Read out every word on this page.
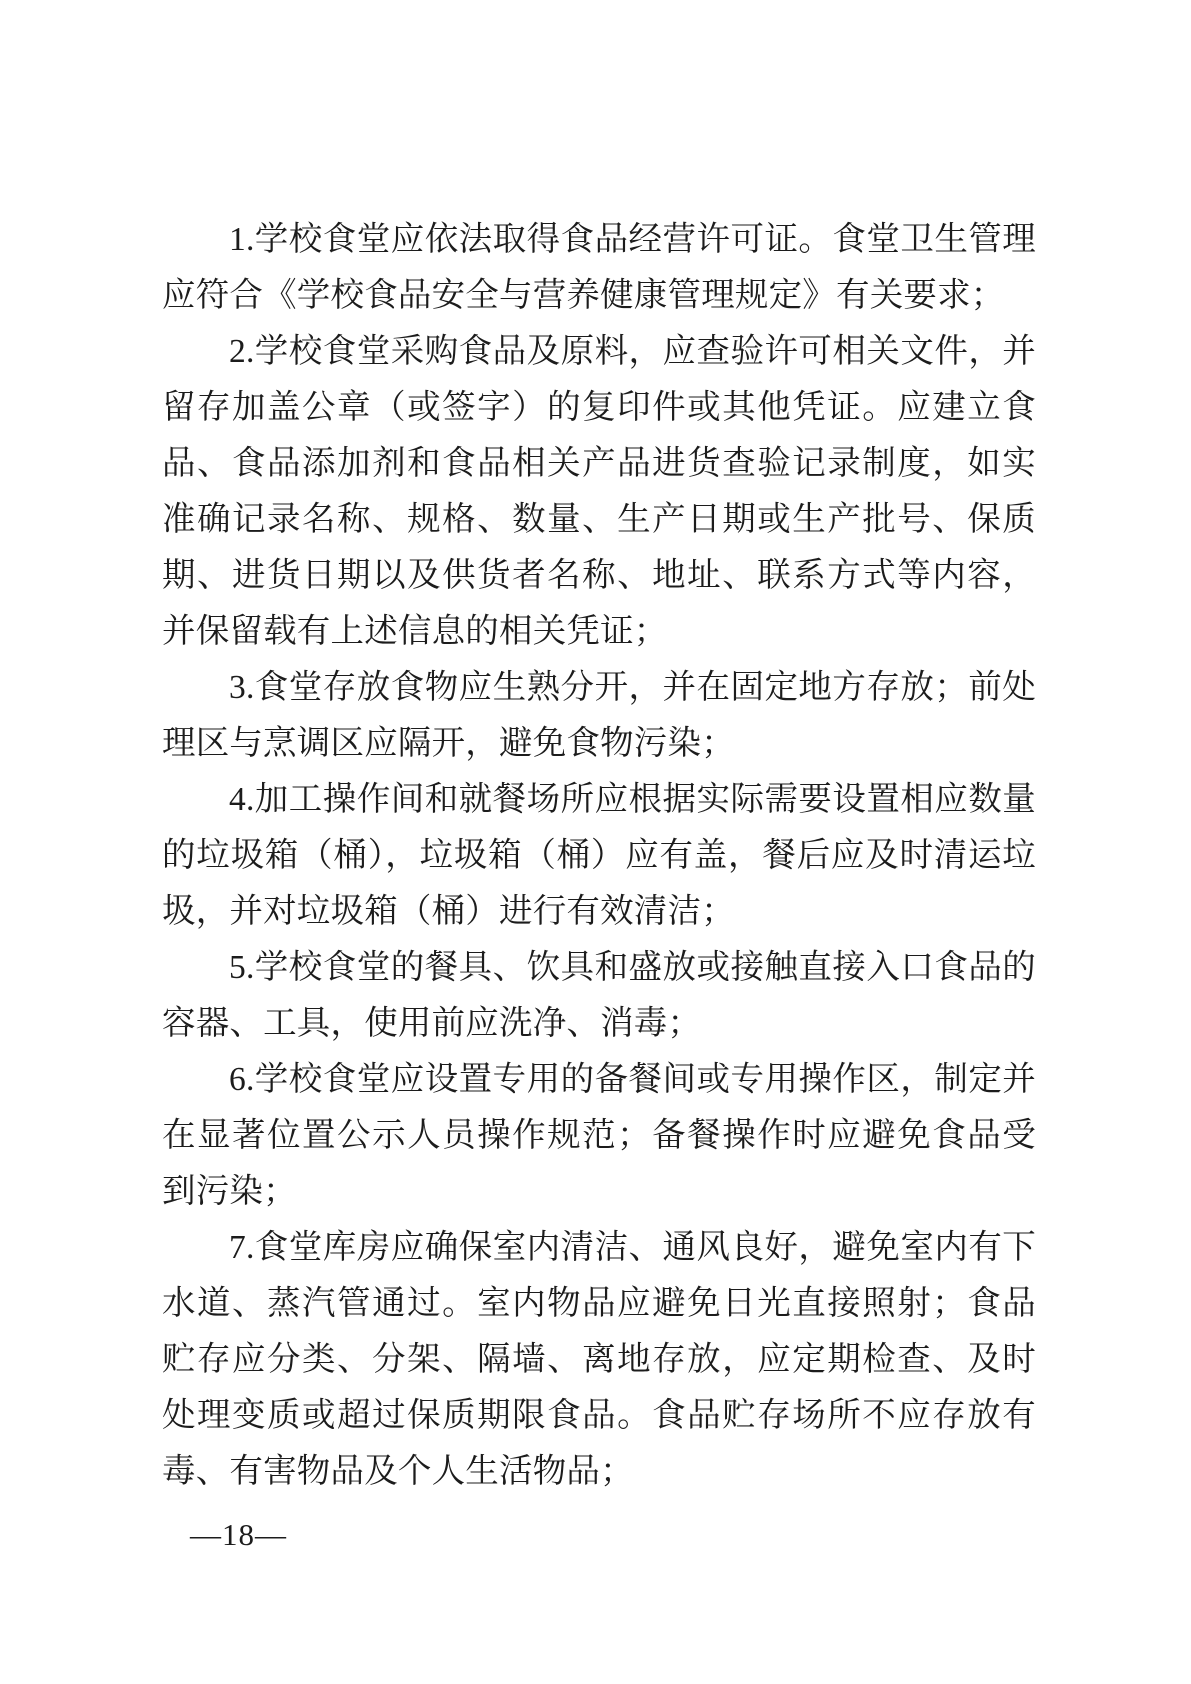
1.学校食堂应依法取得食品经营许可证。食堂卫生管理应符合《学校食品安全与营养健康管理规定》有关要求；

2.学校食堂采购食品及原料，应查验许可相关文件，并留存加盖公章（或签字）的复印件或其他凭证。应建立食品、食品添加剂和食品相关产品进货查验记录制度，如实准确记录名称、规格、数量、生产日期或生产批号、保质期、进货日期以及供货者名称、地址、联系方式等内容，并保留载有上述信息的相关凭证；

3.食堂存放食物应生熟分开，并在固定地方存放；前处理区与烹调区应隔开，避免食物污染；

4.加工操作间和就餐场所应根据实际需要设置相应数量的垃圾箱（桶），垃圾箱（桶）应有盖，餐后应及时清运垃圾，并对垃圾箱（桶）进行有效清洁；

5.学校食堂的餐具、饮具和盛放或接触直接入口食品的容器、工具，使用前应洗净、消毒；

6.学校食堂应设置专用的备餐间或专用操作区，制定并在显著位置公示人员操作规范；备餐操作时应避免食品受到污染；

7.食堂库房应确保室内清洁、通风良好，避免室内有下水道、蒸汽管通过。室内物品应避免日光直接照射；食品贮存应分类、分架、隔墙、离地存放，应定期检查、及时处理变质或超过保质期限食品。食品贮存场所不应存放有毒、有害物品及个人生活物品；

—18—
